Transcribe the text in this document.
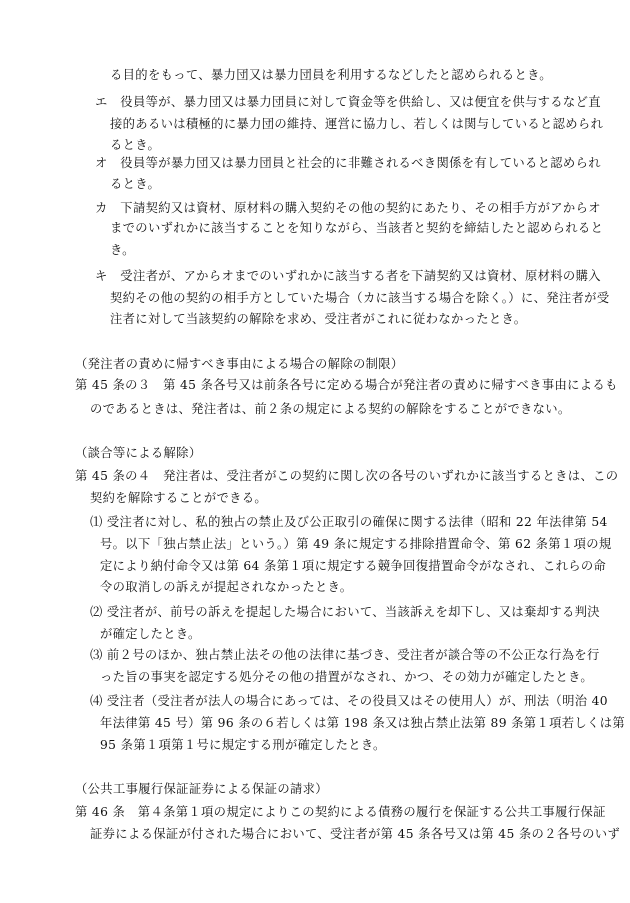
る目的をもって、暴力団又は暴力団員を利用するなどしたと認められるとき。
エ　役員等が、暴力団又は暴力団員に対して資金等を供給し、又は便宜を供与するなど直
接的あるいは積極的に暴力団の維持、運営に協力し、若しくは関与していると認められ
るとき。
オ　役員等が暴力団又は暴力団員と社会的に非難されるべき関係を有していると認められ
るとき。
カ　下請契約又は資材、原材料の購入契約その他の契約にあたり、その相手方がアからオ
までのいずれかに該当することを知りながら、当該者と契約を締結したと認められると
き。
キ　受注者が、アからオまでのいずれかに該当する者を下請契約又は資材、原材料の購入
契約その他の契約の相手方としていた場合（カに該当する場合を除く。）に、発注者が受
注者に対して当該契約の解除を求め、受注者がこれに従わなかったとき。
（発注者の責めに帰すべき事由による場合の解除の制限）
第 45 条の３　第 45 条各号又は前条各号に定める場合が発注者の責めに帰すべき事由によるも
のであるときは、発注者は、前２条の規定による契約の解除をすることができない。
（談合等による解除）
第 45 条の４　発注者は、受注者がこの契約に関し次の各号のいずれかに該当するときは、この
契約を解除することができる。
⑴ 受注者に対し、私的独占の禁止及び公正取引の確保に関する法律（昭和 22 年法律第 54
号。以下「独占禁止法」という。）第 49 条に規定する排除措置命令、第 62 条第１項の規
定により納付命令又は第 64 条第１項に規定する競争回復措置命令がなされ、これらの命
令の取消しの訴えが提起されなかったとき。
⑵ 受注者が、前号の訴えを提起した場合において、当該訴えを却下し、又は棄却する判決
が確定したとき。
⑶ 前２号のほか、独占禁止法その他の法律に基づき、受注者が談合等の不公正な行為を行
った旨の事実を認定する処分その他の措置がなされ、かつ、その効力が確定したとき。
⑷ 受注者（受注者が法人の場合にあっては、その役員又はその使用人）が、刑法（明治 40
年法律第 45 号）第 96 条の６若しくは第 198 条又は独占禁止法第 89 条第１項若しくは第
95 条第１項第１号に規定する刑が確定したとき。
（公共工事履行保証証券による保証の請求）
第 46 条　第４条第１項の規定によりこの契約による債務の履行を保証する公共工事履行保証
証券による保証が付された場合において、受注者が第 45 条各号又は第 45 条の２各号のいず
